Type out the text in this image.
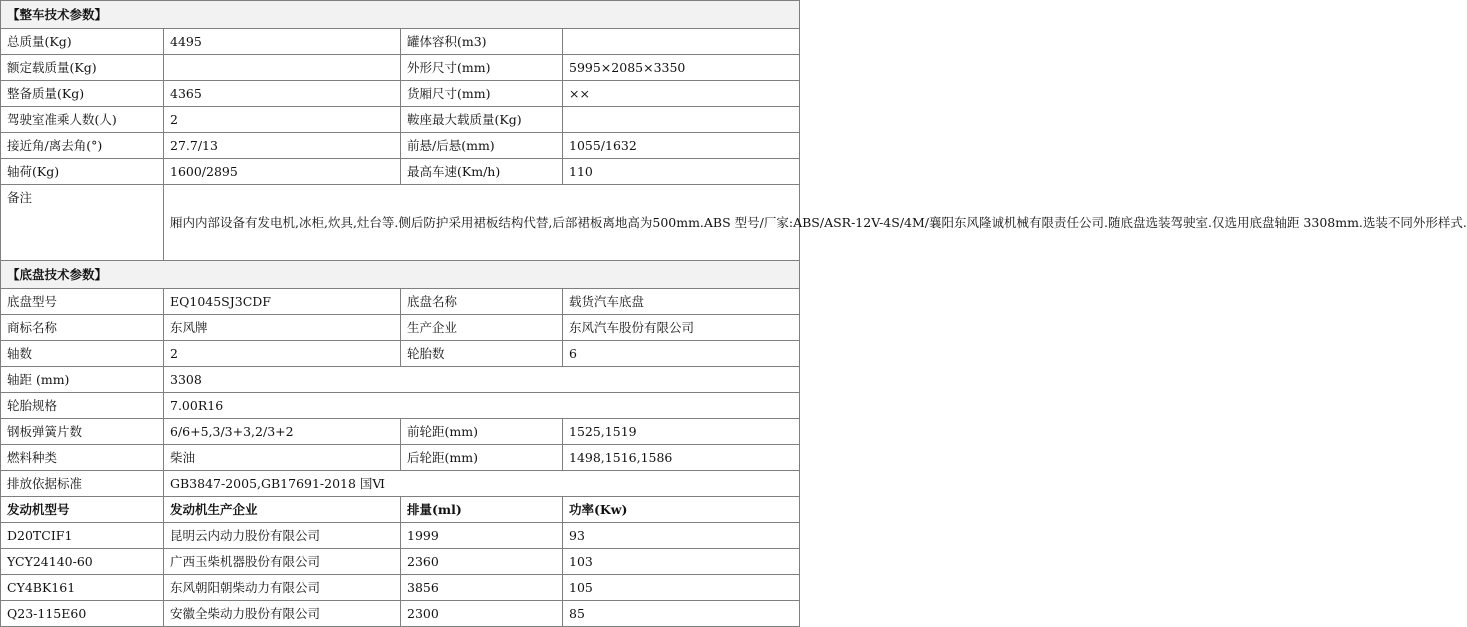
【整车技术参数】			
总质量(Kg)	4495	罐体容积(m3)	
额定载质量(Kg)		外形尺寸(mm)	5995×2085×3350
整备质量(Kg)	4365	货厢尺寸(mm)	××
驾驶室准乘人数(人)	2	鞍座最大载质量(Kg)	
接近角/离去角(°)	27.7/13	前悬/后悬(mm)	1055/1632
轴荷(Kg)	1600/2895	最高车速(Km/h)	110
备注	厢内内部设备有发电机,冰柜,炊具,灶台等.侧后防护采用裙板结构代替,后部裙板离地高为500mm.ABS 型号/厂家:ABS/ASR-12V-4S/4M/襄阳东风隆诚机械有限责任公司.随底盘选装驾驶室.仅选用底盘轴距 3308mm.选装不同外形样式.		
【底盘技术参数】			
底盘型号	EQ1045SJ3CDF	底盘名称	载货汽车底盘
商标名称	东风牌	生产企业	东风汽车股份有限公司
轴数	2	轮胎数	6
轴距 (mm)	3308		
轮胎规格	7.00R16		
钢板弹簧片数	6/6+5,3/3+3,2/3+2	前轮距(mm)	1525,1519
燃料种类	柴油	后轮距(mm)	1498,1516,1586
排放依据标准	GB3847-2005,GB17691-2018 国Ⅵ		
发动机型号	发动机生产企业	排量(ml)	功率(Kw)
D20TCIF1	昆明云内动力股份有限公司	1999	93
YCY24140-60	广西玉柴机器股份有限公司	2360	103
CY4BK161	东风朝阳朝柴动力有限公司	3856	105
Q23-115E60	安徽全柴动力股份有限公司	2300	85
